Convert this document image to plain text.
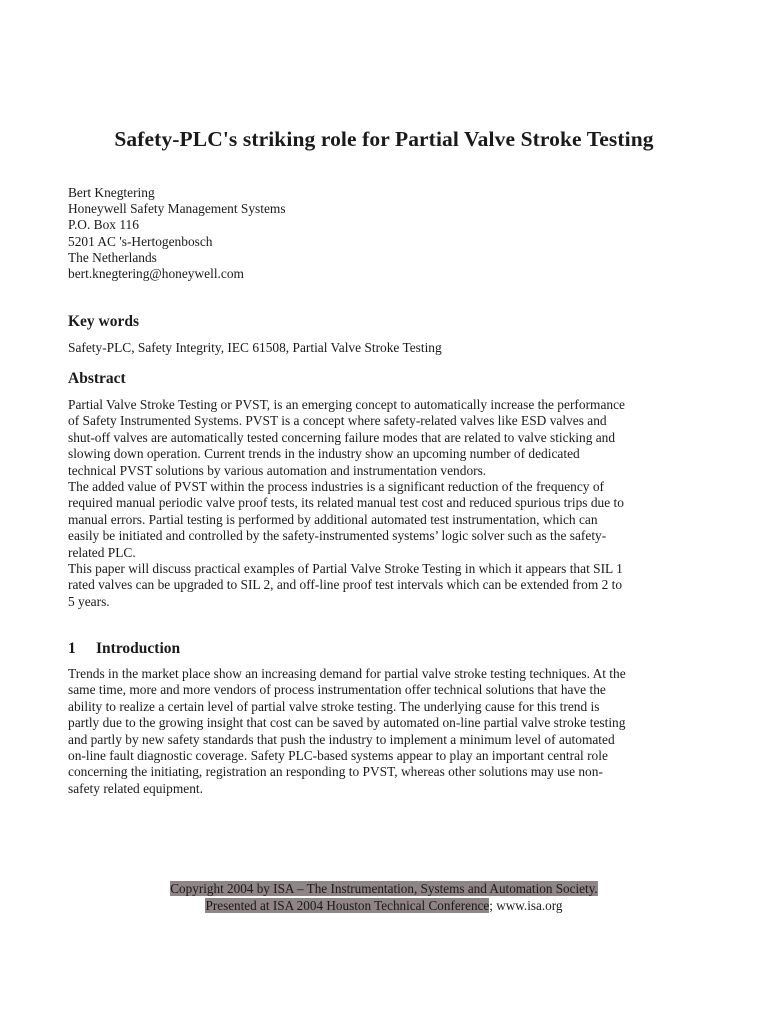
Safety-PLC's striking role for Partial Valve Stroke Testing
Bert Knegtering
Honeywell Safety Management Systems
P.O. Box 116
5201 AC 's-Hertogenbosch
The Netherlands
bert.knegtering@honeywell.com
Key words

Safety-PLC, Safety Integrity, IEC 61508, Partial Valve Stroke Testing

Abstract

Partial Valve Stroke Testing or PVST, is an emerging concept to automatically increase the performance
of Safety Instrumented Systems. PVST is a concept where safety-related valves like ESD valves and
shut-off valves are automatically tested concerning failure modes that are related to valve sticking and
slowing down operation. Current trends in the industry show an upcoming number of dedicated
technical PVST solutions by various automation and instrumentation vendors.
The added value of PVST within the process industries is a significant reduction of the frequency of
required manual periodic valve proof tests, its related manual test cost and reduced spurious trips due to
manual errors. Partial testing is performed by additional automated test instrumentation, which can
easily be initiated and controlled by the safety-instrumented systems’ logic solver such as the safety-
related PLC.
This paper will discuss practical examples of Partial Valve Stroke Testing in which it appears that SIL 1
rated valves can be upgraded to SIL 2, and off-line proof test intervals which can be extended from 2 to
5 years.

1 Introduction

Trends in the market place show an increasing demand for partial valve stroke testing techniques. At the
same time, more and more vendors of process instrumentation offer technical solutions that have the
ability to realize a certain level of partial valve stroke testing. The underlying cause for this trend is
partly due to the growing insight that cost can be saved by automated on-line partial valve stroke testing
and partly by new safety standards that push the industry to implement a minimum level of automated
on-line fault diagnostic coverage. Safety PLC-based systems appear to play an important central role
concerning the initiating, registration an responding to PVST, whereas other solutions may use non-
safety related equipment.

Copyright 2004 by ISA – The Instrumentation, Systems and Automation Society.
Presented at ISA 2004 Houston Technical Conference; www.isa.org
